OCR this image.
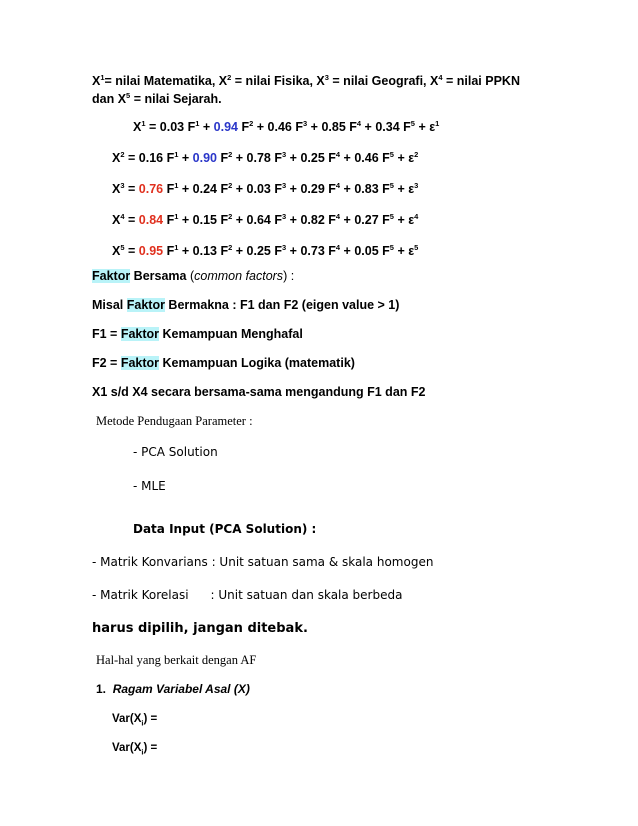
$X^1=$ nilai Matematika, $X^2$ = nilai Fisika, $X^3$ = nilai Geografi, $X^4$ = nilai PPKN
dan $X^5$ = nilai Sejarah.
$X^1 = 0.03$ $F^1 + 0.94$ $F^2 + 0.46$ $F^3 + 0.85$ $F^4 + 0.34$ $F^5 + \varepsilon^1$
$X^2 = 0.16$ $F^1 + 0.90$ $F^2 + 0.78$ $F^3 + 0.25$ $F^4 + 0.46$ $F^5 + \varepsilon^2$
$X^3 = 0.76$ $F^1 + 0.24$ $F^2 + 0.03$ $F^3 + 0.29$ $F^4 + 0.83$ $F^5 + \varepsilon^3$
$X^4 = 0.84$ $F^1 + 0.15$ $F^2 + 0.64$ $F^3 + 0.82$ $F^4 + 0.27$ $F^5 + \varepsilon^4$
$X^5 = 0.95$ $F^1 + 0.13$ $F^2 + 0.25$ $F^3 + 0.73$ $F^4 + 0.05$ $F^5 + \varepsilon^5$
Faktor Bersama (common factors) :
Misal Faktor Bermakna : F1 dan F2 (eigen value > 1)
F1 = Faktor Kemampuan Menghafal
F2 = Faktor Kemampuan Logika (matematik)
X1 s/d X4 secara bersama-sama mengandung F1 dan F2
Metode Pendugaan Parameter :
- PCA Solution
- MLE
Data Input (PCA Solution) :
- Matrik Konvarians : Unit satuan sama & skala homogen
- Matrik Korelasi : Unit satuan dan skala berbeda
harus dipilih, jangan ditebak.
Hal-hal yang berkait dengan AF
1. Ragam Variabel Asal (X)
$Var(X_i)$ =
$Var(X_i)$ =
